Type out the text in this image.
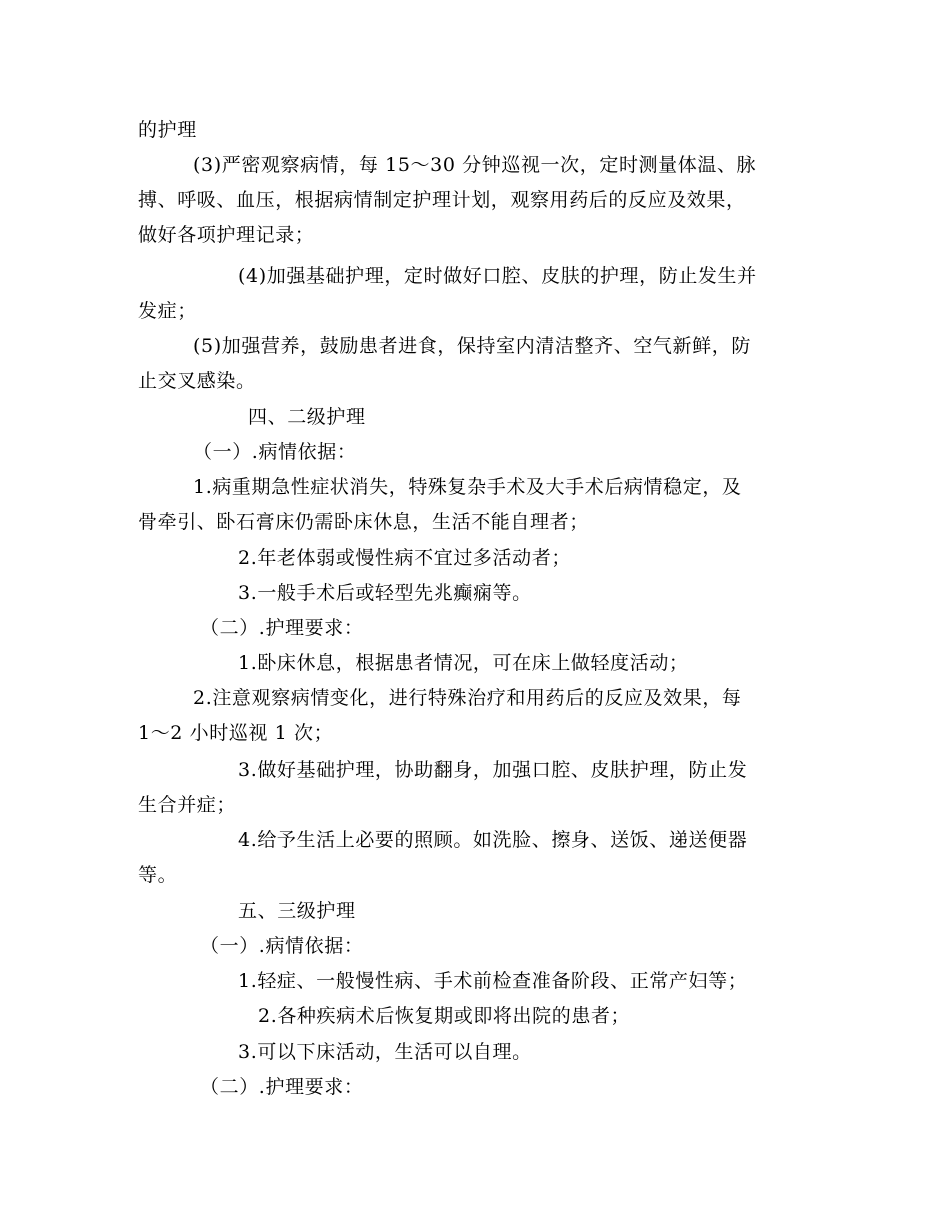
的护理
(3)严密观察病情，每 15～30 分钟巡视一次，定时测量体温、脉
搏、呼吸、血压，根据病情制定护理计划，观察用药后的反应及效果，
做好各项护理记录；
(4)加强基础护理，定时做好口腔、皮肤的护理，防止发生并
发症；
(5)加强营养，鼓励患者进食，保持室内清洁整齐、空气新鲜，防
止交叉感染。
四、二级护理
（一）.病情依据：
1.病重期急性症状消失，特殊复杂手术及大手术后病情稳定，及
骨牵引、卧石膏床仍需卧床休息，生活不能自理者；
2.年老体弱或慢性病不宜过多活动者；
3.一般手术后或轻型先兆癫痫等。
（二）.护理要求：
1.卧床休息，根据患者情况，可在床上做轻度活动；
2.注意观察病情变化，进行特殊治疗和用药后的反应及效果，每
1～2 小时巡视 1 次；
3.做好基础护理，协助翻身，加强口腔、皮肤护理，防止发
生合并症；
4.给予生活上必要的照顾。如洗脸、擦身、送饭、递送便器
等。
五、三级护理
（一）.病情依据：
1.轻症、一般慢性病、手术前检查准备阶段、正常产妇等；
2.各种疾病术后恢复期或即将出院的患者；
3.可以下床活动，生活可以自理。
（二）.护理要求：
